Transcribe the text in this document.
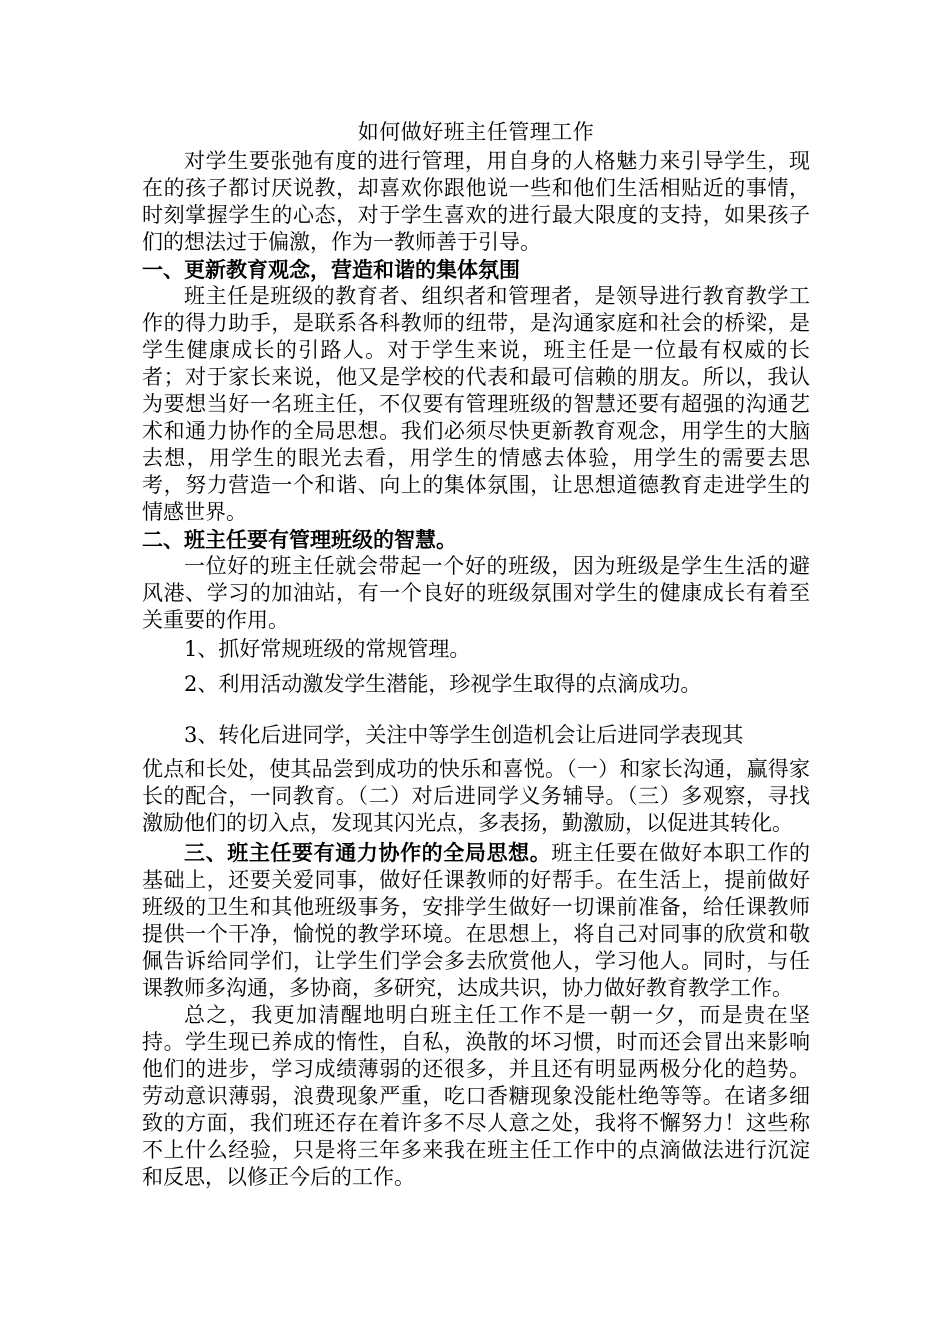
如何做好班主任管理工作

对学生要张弛有度的进行管理，用自身的人格魅力来引导学生，现在的孩子都讨厌说教，却喜欢你跟他说一些和他们生活相贴近的事情，时刻掌握学生的心态，对于学生喜欢的进行最大限度的支持，如果孩子们的想法过于偏激，作为一教师善于引导。

一、更新教育观念，营造和谐的集体氛围

班主任是班级的教育者、组织者和管理者，是领导进行教育教学工作的得力助手，是联系各科教师的纽带，是沟通家庭和社会的桥梁，是学生健康成长的引路人。对于学生来说，班主任是一位最有权威的长者；对于家长来说，他又是学校的代表和最可信赖的朋友。所以，我认为要想当好一名班主任，不仅要有管理班级的智慧还要有超强的沟通艺术和通力协作的全局思想。我们必须尽快更新教育观念，用学生的大脑去想，用学生的眼光去看，用学生的情感去体验，用学生的需要去思考，努力营造一个和谐、向上的集体氛围，让思想道德教育走进学生的情感世界。

二、班主任要有管理班级的智慧。

一位好的班主任就会带起一个好的班级，因为班级是学生生活的避风港、学习的加油站，有一个良好的班级氛围对学生的健康成长有着至关重要的作用。

1、抓好常规班级的常规管理。

2、利用活动激发学生潜能，珍视学生取得的点滴成功。

3、转化后进同学，关注中等学生创造机会让后进同学表现其

优点和长处，使其品尝到成功的快乐和喜悦。（一）和家长沟通，赢得家长的配合，一同教育。（二）对后进同学义务辅导。（三）多观察，寻找激励他们的切入点，发现其闪光点，多表扬，勤激励，以促进其转化。

三、班主任要有通力协作的全局思想。班主任要在做好本职工作的基础上，还要关爱同事，做好任课教师的好帮手。在生活上，提前做好班级的卫生和其他班级事务，安排学生做好一切课前准备，给任课教师提供一个干净，愉悦的教学环境。在思想上，将自己对同事的欣赏和敬佩告诉给同学们，让学生们学会多去欣赏他人，学习他人。同时，与任课教师多沟通，多协商，多研究，达成共识，协力做好教育教学工作。

总之，我更加清醒地明白班主任工作不是一朝一夕，而是贵在坚持。学生现已养成的惰性，自私，涣散的坏习惯，时而还会冒出来影响他们的进步，学习成绩薄弱的还很多，并且还有明显两极分化的趋势。劳动意识薄弱，浪费现象严重，吃口香糖现象没能杜绝等等。在诸多细致的方面，我们班还存在着许多不尽人意之处，我将不懈努力！这些称不上什么经验，只是将三年多来我在班主任工作中的点滴做法进行沉淀和反思，以修正今后的工作。
